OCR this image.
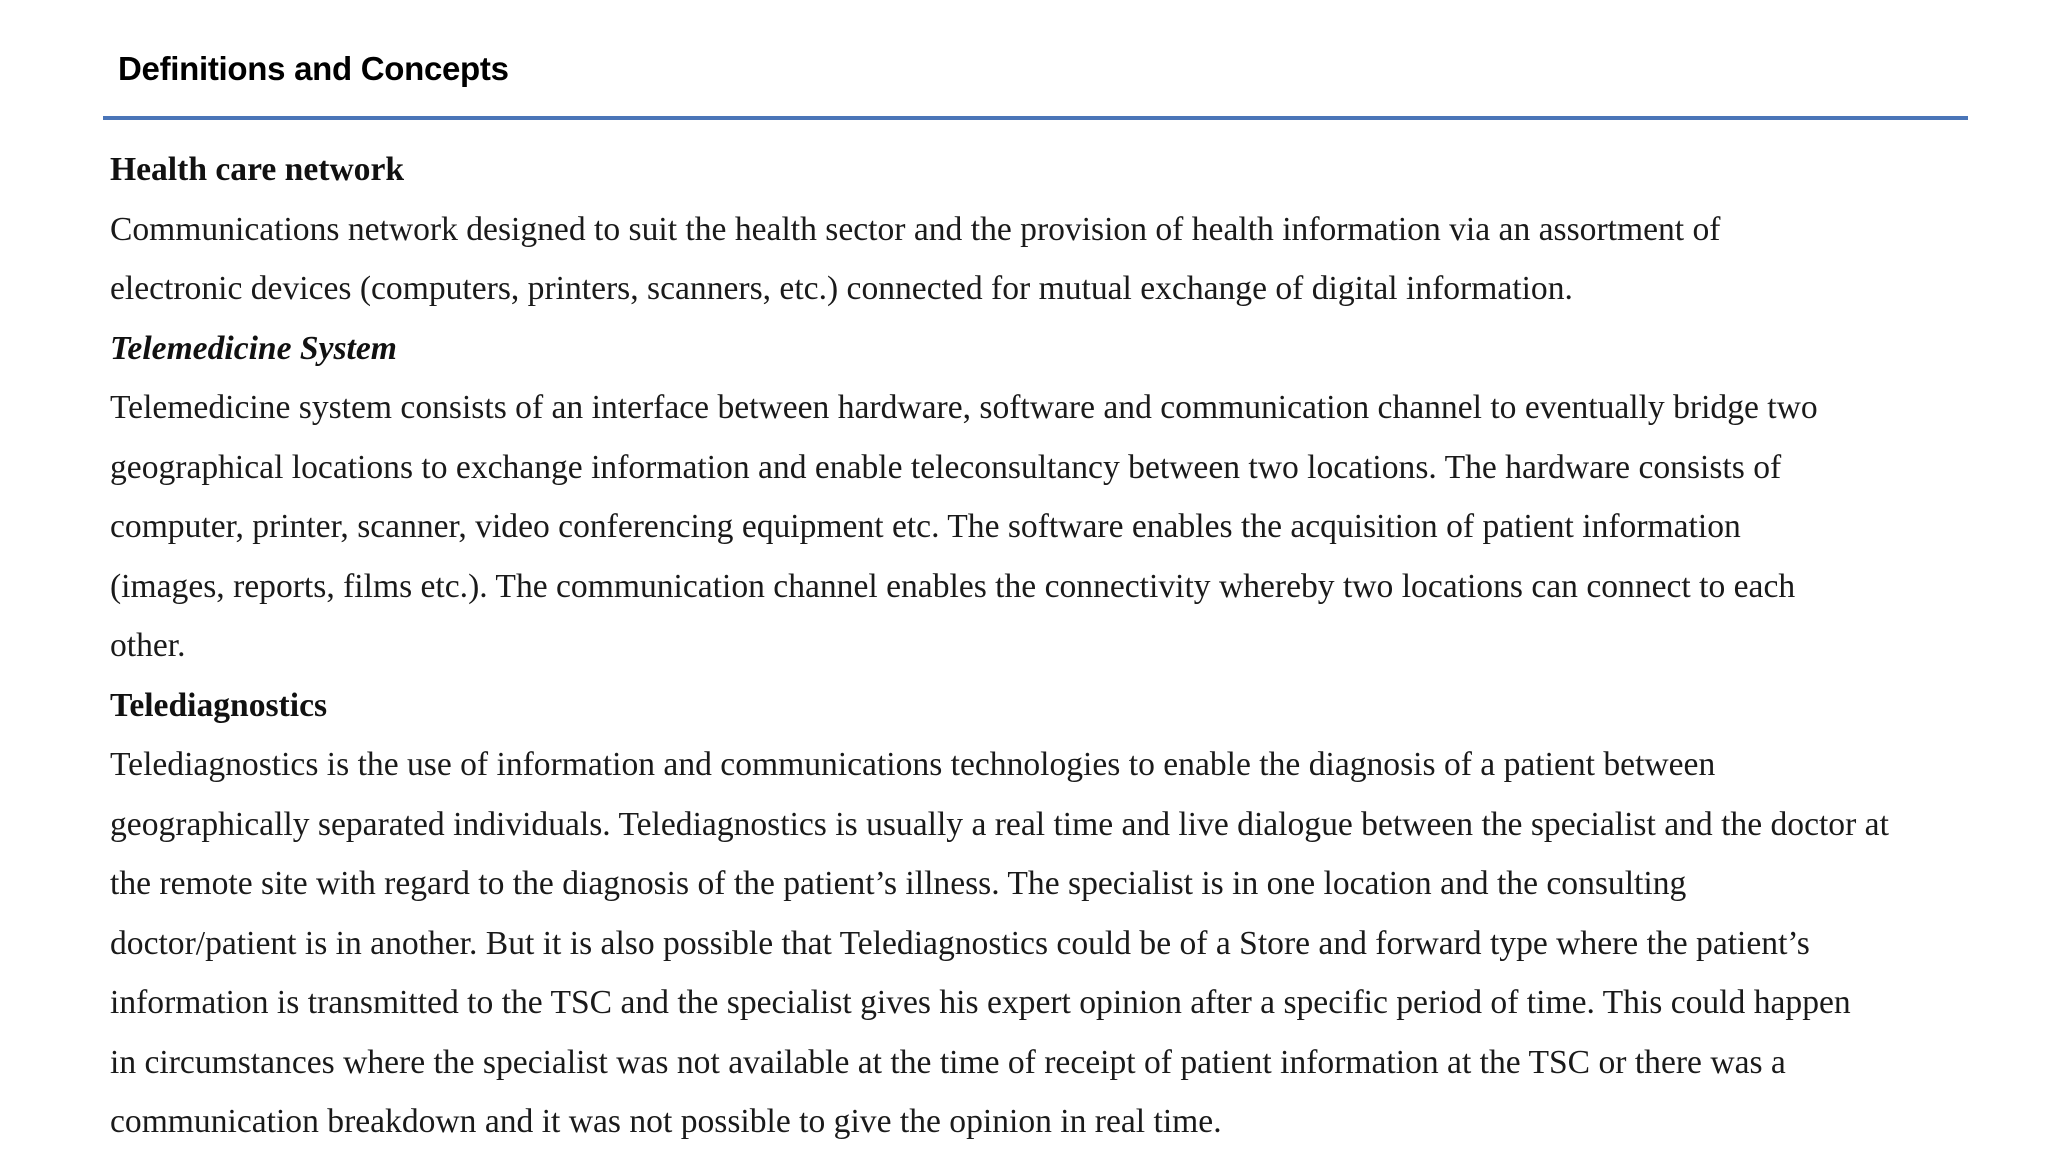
Definitions and Concepts
Health care network

Communications network designed to suit the health sector and the provision of health information via an assortment of
electronic devices (computers, printers, scanners, etc.) connected for mutual exchange of digital information.

Telemedicine System

Telemedicine system consists of an interface between hardware, software and communication channel to eventually bridge two
geographical locations to exchange information and enable teleconsultancy between two locations. The hardware consists of
computer, printer, scanner, video conferencing equipment etc. The software enables the acquisition of patient information
(images, reports, films etc.). The communication channel enables the connectivity whereby two locations can connect to each
other.

Telediagnostics

Telediagnostics is the use of information and communications technologies to enable the diagnosis of a patient between
geographically separated individuals. Telediagnostics is usually a real time and live dialogue between the specialist and the doctor at
the remote site with regard to the diagnosis of the patient’s illness. The specialist is in one location and the consulting
doctor/patient is in another. But it is also possible that Telediagnostics could be of a Store and forward type where the patient’s
information is transmitted to the TSC and the specialist gives his expert opinion after a specific period of time. This could happen
in circumstances where the specialist was not available at the time of receipt of patient information at the TSC or there was a
communication breakdown and it was not possible to give the opinion in real time.
